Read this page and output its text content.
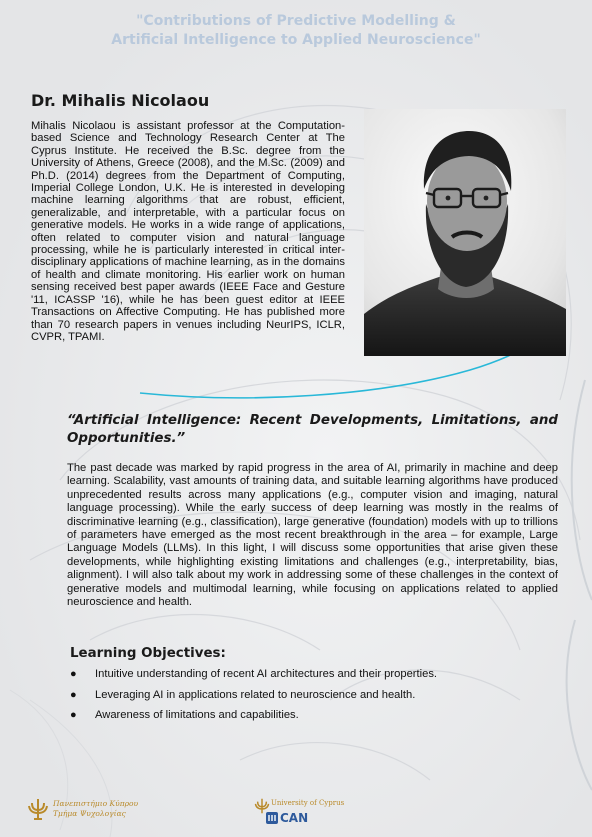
"Contributions of Predictive Modelling &
Artificial Intelligence to Applied Neuroscience"
Dr. Mihalis Nicolaou
Mihalis Nicolaou is assistant professor at the Computation-based Science and Technology Research Center at The Cyprus Institute. He received the B.Sc. degree from the University of Athens, Greece (2008), and the M.Sc. (2009) and Ph.D. (2014) degrees from the Department of Computing, Imperial College London, U.K. He is interested in developing machine learning algorithms that are robust, efficient, generalizable, and interpretable, with a particular focus on generative models. He works in a wide range of applications, often related to computer vision and natural language processing, while he is particularly interested in critical inter-disciplinary applications of machine learning, as in the domains of health and climate monitoring. His earlier work on human sensing received best paper awards (IEEE Face and Gesture '11, ICASSP '16), while he has been guest editor at IEEE Transactions on Affective Computing. He has published more than 70 research papers in venues including NeurIPS, ICLR, CVPR, TPAMI.
“Artificial Intelligence: Recent Developments, Limitations, and Opportunities.”
The past decade was marked by rapid progress in the area of AI, primarily in machine and deep learning. Scalability, vast amounts of training data, and suitable learning algorithms have produced unprecedented results across many applications (e.g., computer vision and imaging, natural language processing). While the early success of deep learning was mostly in the realms of discriminative learning (e.g., classification), large generative (foundation) models with up to trillions of parameters have emerged as the most recent breakthrough in the area – for example, Large Language Models (LLMs). In this light, I will discuss some opportunities that arise given these developments, while highlighting existing limitations and challenges (e.g., interpretability, bias, alignment). I will also talk about my work in addressing some of these challenges in the context of generative models and multimodal learning, while focusing on applications related to applied neuroscience and health.
Learning Objectives:
● Intuitive understanding of recent AI architectures and their properties.
● Leveraging AI in applications related to neuroscience and health.
● Awareness of limitations and capabilities.
Πανεπιστήμιο Κύπρου
Τμήμα Ψυχολογίας
University of Cyprus
CAN
